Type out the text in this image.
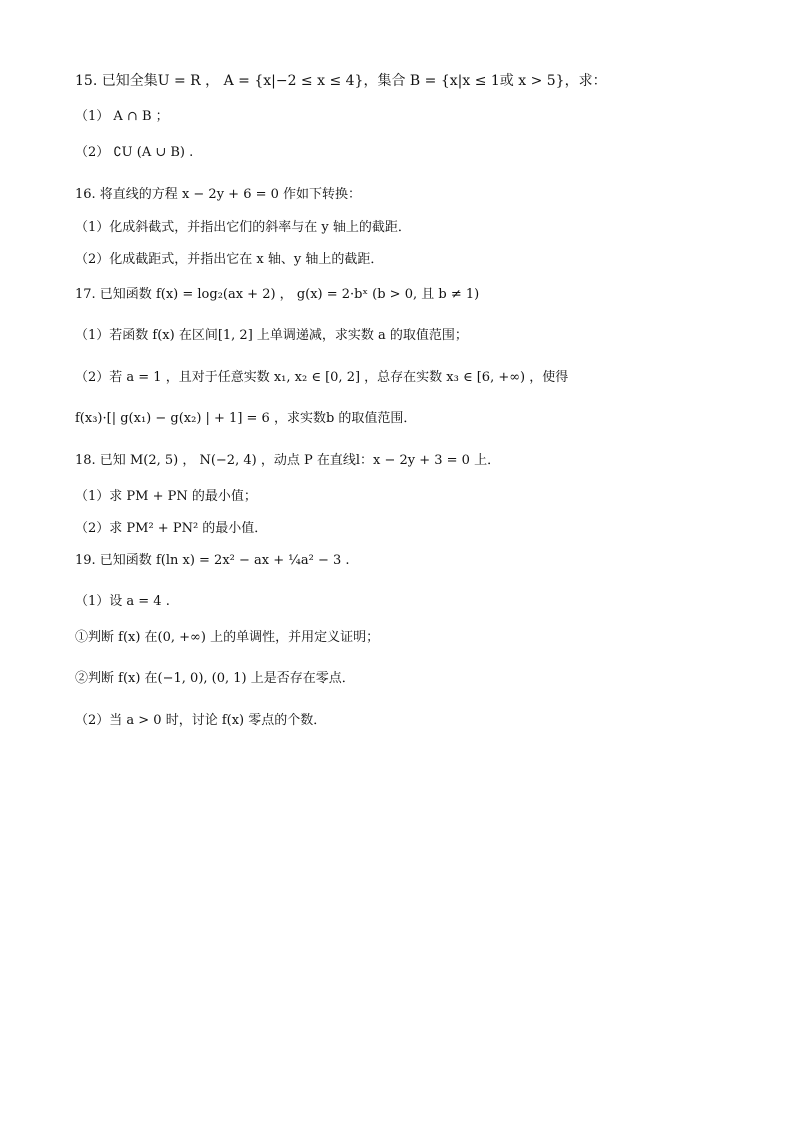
15. 已知全集U = R ， A = {x|−2 ≤ x ≤ 4}，集合 B = {x|x ≤ 1或 x > 5}，求：
（1） A ∩ B ；
（2） ∁U (A ∪ B) .
16. 将直线的方程 x − 2y + 6 = 0 作如下转换：
（1）化成斜截式，并指出它们的斜率与在 y 轴上的截距．
（2）化成截距式，并指出它在 x 轴、y 轴上的截距．
17. 已知函数 f(x) = log₂(ax + 2) ， g(x) = 2·bˣ (b > 0, 且 b ≠ 1)
（1）若函数 f(x) 在区间[1, 2] 上单调递减，求实数 a 的取值范围；
（2）若 a = 1 ，且对于任意实数 x₁, x₂ ∈ [0, 2] ，总存在实数 x₃ ∈ [6, +∞) ，使得
f(x₃)·[| g(x₁) − g(x₂) | + 1] = 6 ，求实数b 的取值范围．
18. 已知 M(2, 5) ， N(−2, 4) ，动点 P 在直线l：x − 2y + 3 = 0 上．
（1）求 PM + PN 的最小值；
（2）求 PM² + PN² 的最小值．
19. 已知函数 f(ln x) = 2x² − ax + ¼a² − 3 .
（1）设 a = 4 .
①判断 f(x) 在(0, +∞) 上的单调性，并用定义证明；
②判断 f(x) 在(−1, 0), (0, 1) 上是否存在零点．
（2）当 a > 0 时，讨论 f(x) 零点的个数．
